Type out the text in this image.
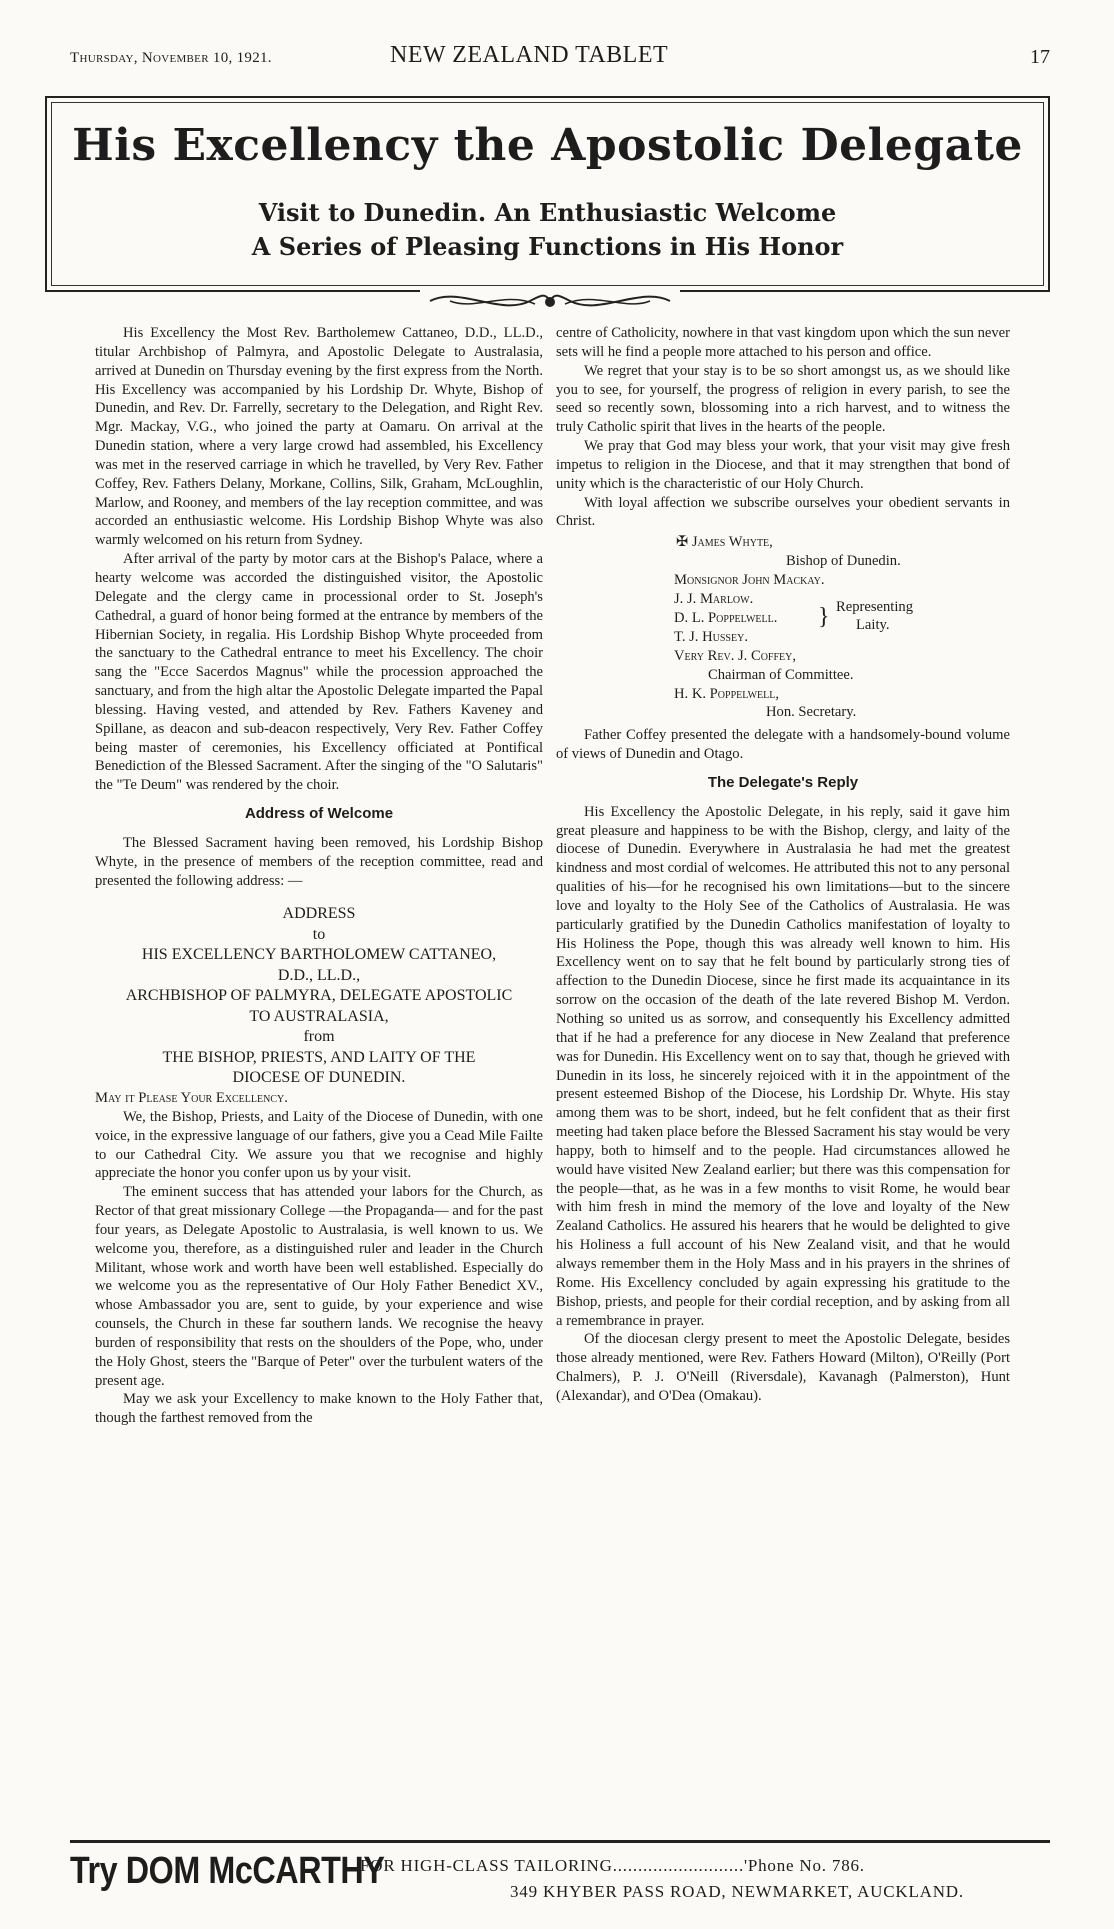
Thursday, November 10, 1921.	NEW ZEALAND TABLET	17
His Excellency the Apostolic Delegate
Visit to Dunedin. An Enthusiastic Welcome
A Series of Pleasing Functions in His Honor

His Excellency the Most Rev. Bartholemew Cattaneo, D.D., LL.D., titular Archbishop of Palmyra, and Apostolic Delegate to Australasia, arrived at Dunedin on Thursday evening by the first express from the North. His Excellency was accompanied by his Lordship Dr. Whyte, Bishop of Dunedin, and Rev. Dr. Farrelly, secretary to the Delegation, and Right Rev. Mgr. Mackay, V.G., who joined the party at Oamaru. On arrival at the Dunedin station, where a very large crowd had assembled, his Excellency was met in the reserved carriage in which he travelled, by Very Rev. Father Coffey, Rev. Fathers Delany, Morkane, Collins, Silk, Graham, McLoughlin, Marlow, and Rooney, and members of the lay reception committee, and was accorded an enthusiastic welcome. His Lordship Bishop Whyte was also warmly welcomed on his return from Sydney.

After arrival of the party by motor cars at the Bishop's Palace, where a hearty welcome was accorded the distinguished visitor, the Apostolic Delegate and the clergy came in processional order to St. Joseph's Cathedral, a guard of honor being formed at the entrance by members of the Hibernian Society, in regalia. His Lordship Bishop Whyte proceeded from the sanctuary to the Cathedral entrance to meet his Excellency. The choir sang the "Ecce Sacerdos Magnus" while the procession approached the sanctuary, and from the high altar the Apostolic Delegate imparted the Papal blessing. Having vested, and attended by Rev. Fathers Kaveney and Spillane, as deacon and sub-deacon respectively, Very Rev. Father Coffey being master of ceremonies, his Excellency officiated at Pontifical Benediction of the Blessed Sacrament. After the singing of the "O Salutaris" the "Te Deum" was rendered by the choir.

Address of Welcome

The Blessed Sacrament having been removed, his Lordship Bishop Whyte, in the presence of members of the reception committee, read and presented the following address: —

ADDRESS
to
HIS EXCELLENCY BARTHOLOMEW CATTANEO,
D.D., LL.D.,
ARCHBISHOP OF PALMYRA, DELEGATE APOSTOLIC
TO AUSTRALASIA,
from
THE BISHOP, PRIESTS, AND LAITY OF THE
DIOCESE OF DUNEDIN.

May it Please Your Excellency.

We, the Bishop, Priests, and Laity of the Diocese of Dunedin, with one voice, in the expressive language of our fathers, give you a Cead Mile Failte to our Cathedral City. We assure you that we recognise and highly appreciate the honor you confer upon us by your visit.

The eminent success that has attended your labors for the Church, as Rector of that great missionary College —the Propaganda— and for the past four years, as Delegate Apostolic to Australasia, is well known to us. We welcome you, therefore, as a distinguished ruler and leader in the Church Militant, whose work and worth have been well established. Especially do we welcome you as the representative of Our Holy Father Benedict XV., whose Ambassador you are, sent to guide, by your experience and wise counsels, the Church in these far southern lands. We recognise the heavy burden of responsibility that rests on the shoulders of the Pope, who, under the Holy Ghost, steers the "Barque of Peter" over the turbulent waters of the present age.

May we ask your Excellency to make known to the Holy Father that, though the farthest removed from the

centre of Catholicity, nowhere in that vast kingdom upon which the sun never sets will he find a people more attached to his person and office.

We regret that your stay is to be so short amongst us, as we should like you to see, for yourself, the progress of religion in every parish, to see the seed so recently sown, blossoming into a rich harvest, and to witness the truly Catholic spirit that lives in the hearts of the people.

We pray that God may bless your work, that your visit may give fresh impetus to religion in the Diocese, and that it may strengthen that bond of unity which is the characteristic of our Holy Church.

With loyal affection we subscribe ourselves your obedient servants in Christ.

✠ James Whyte,
Bishop of Dunedin.
Monsignor John Mackay.
J. J. Marlow.
D. L. Poppelwell.
T. J. Hussey.
} Representing
Laity.
Very Rev. J. Coffey,
Chairman of Committee.
H. K. Poppelwell,
Hon. Secretary.

Father Coffey presented the delegate with a handsomely-bound volume of views of Dunedin and Otago.

The Delegate's Reply

His Excellency the Apostolic Delegate, in his reply, said it gave him great pleasure and happiness to be with the Bishop, clergy, and laity of the diocese of Dunedin. Everywhere in Australasia he had met the greatest kindness and most cordial of welcomes. He attributed this not to any personal qualities of his—for he recognised his own limitations—but to the sincere love and loyalty to the Holy See of the Catholics of Australasia. He was particularly gratified by the Dunedin Catholics manifestation of loyalty to His Holiness the Pope, though this was already well known to him. His Excellency went on to say that he felt bound by particularly strong ties of affection to the Dunedin Diocese, since he first made its acquaintance in its sorrow on the occasion of the death of the late revered Bishop M. Verdon. Nothing so united us as sorrow, and consequently his Excellency admitted that if he had a preference for any diocese in New Zealand that preference was for Dunedin. His Excellency went on to say that, though he grieved with Dunedin in its loss, he sincerely rejoiced with it in the appointment of the present esteemed Bishop of the Diocese, his Lordship Dr. Whyte. His stay among them was to be short, indeed, but he felt confident that as their first meeting had taken place before the Blessed Sacrament his stay would be very happy, both to himself and to the people. Had circumstances allowed he would have visited New Zealand earlier; but there was this compensation for the people—that, as he was in a few months to visit Rome, he would bear with him fresh in mind the memory of the love and loyalty of the New Zealand Catholics. He assured his hearers that he would be delighted to give his Holiness a full account of his New Zealand visit, and that he would always remember them in the Holy Mass and in his prayers in the shrines of Rome. His Excellency concluded by again expressing his gratitude to the Bishop, priests, and people for their cordial reception, and by asking from all a remembrance in prayer.

Of the diocesan clergy present to meet the Apostolic Delegate, besides those already mentioned, were Rev. Fathers Howard (Milton), O'Reilly (Port Chalmers), P. J. O'Neill (Riversdale), Kavanagh (Palmerston), Hunt (Alexandar), and O'Dea (Omakau).

Try DOM McCARTHY
FOR HIGH-CLASS TAILORING..........................'Phone No. 786.
349 KHYBER PASS ROAD, NEWMARKET, AUCKLAND.
